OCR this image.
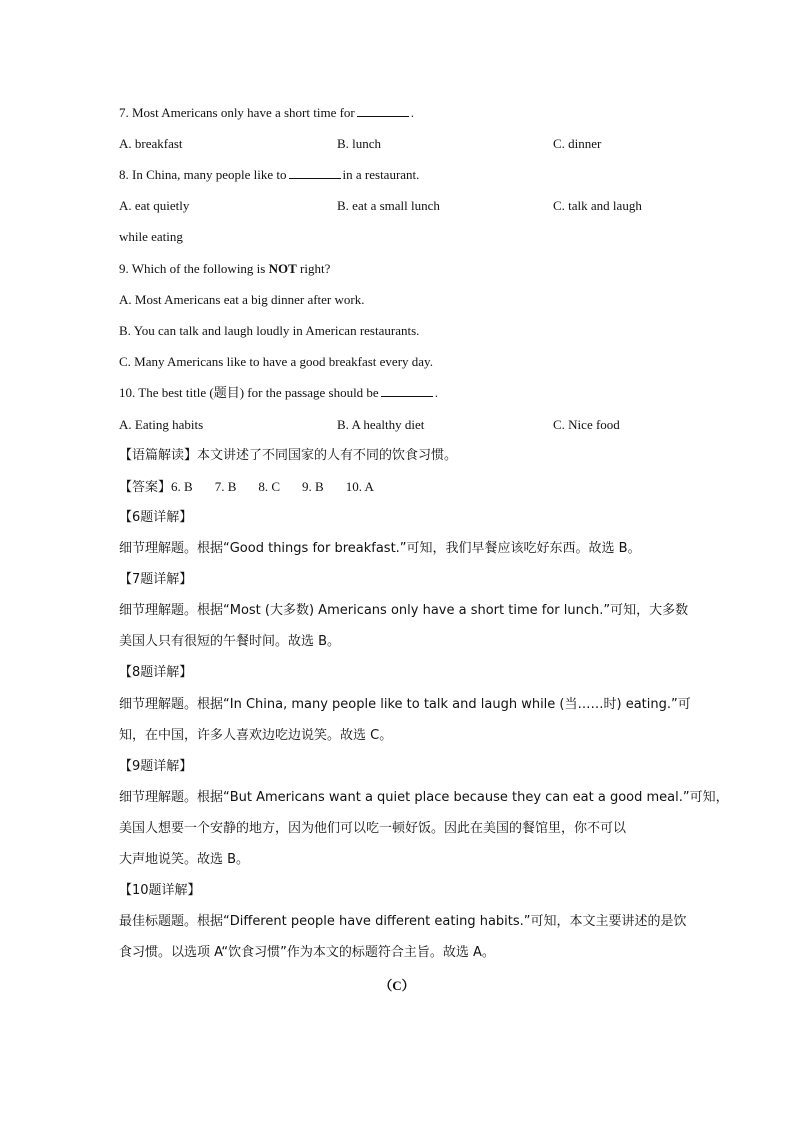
7. Most Americans only have a short time for	.
A. breakfast	B. lunch	C. dinner
8. In China, many people like to	in a restaurant.
A. eat quietly	B. eat a small lunch	C. talk and laugh
while eating
9. Which of the following is NOT right?
A. Most Americans eat a big dinner after work.
B. You can talk and laugh loudly in American restaurants.
C. Many Americans like to have a good breakfast every day.
10. The best title (题目) for the passage should be	.
A. Eating habits	B. A healthy diet	C. Nice food
【语篇解读】本文讲述了不同国家的人有不同的饮食习惯。
【答案】6. B 7. B 8. C 9. B 10. A
【6题详解】
细节理解题。根据“Good things for breakfast.”可知，我们早餐应该吃好东西。故选 B。
【7题详解】
细节理解题。根据“Most (大多数) Americans only have a short time for lunch.”可知，大多数
美国人只有很短的午餐时间。故选 B。
【8题详解】
细节理解题。根据“In China, many people like to talk and laugh while (当……时) eating.”可
知，在中国，许多人喜欢边吃边说笑。故选 C。
【9题详解】
细节理解题。根据“But Americans want a quiet place because they can eat a good meal.”可知，
美国人想要一个安静的地方，因为他们可以吃一顿好饭。因此在美国的餐馆里，你不可以
大声地说笑。故选 B。
【10题详解】
最佳标题题。根据“Different people have different eating habits.”可知，本文主要讲述的是饮
食习惯。以选项 A“饮食习惯”作为本文的标题符合主旨。故选 A。
（C）
